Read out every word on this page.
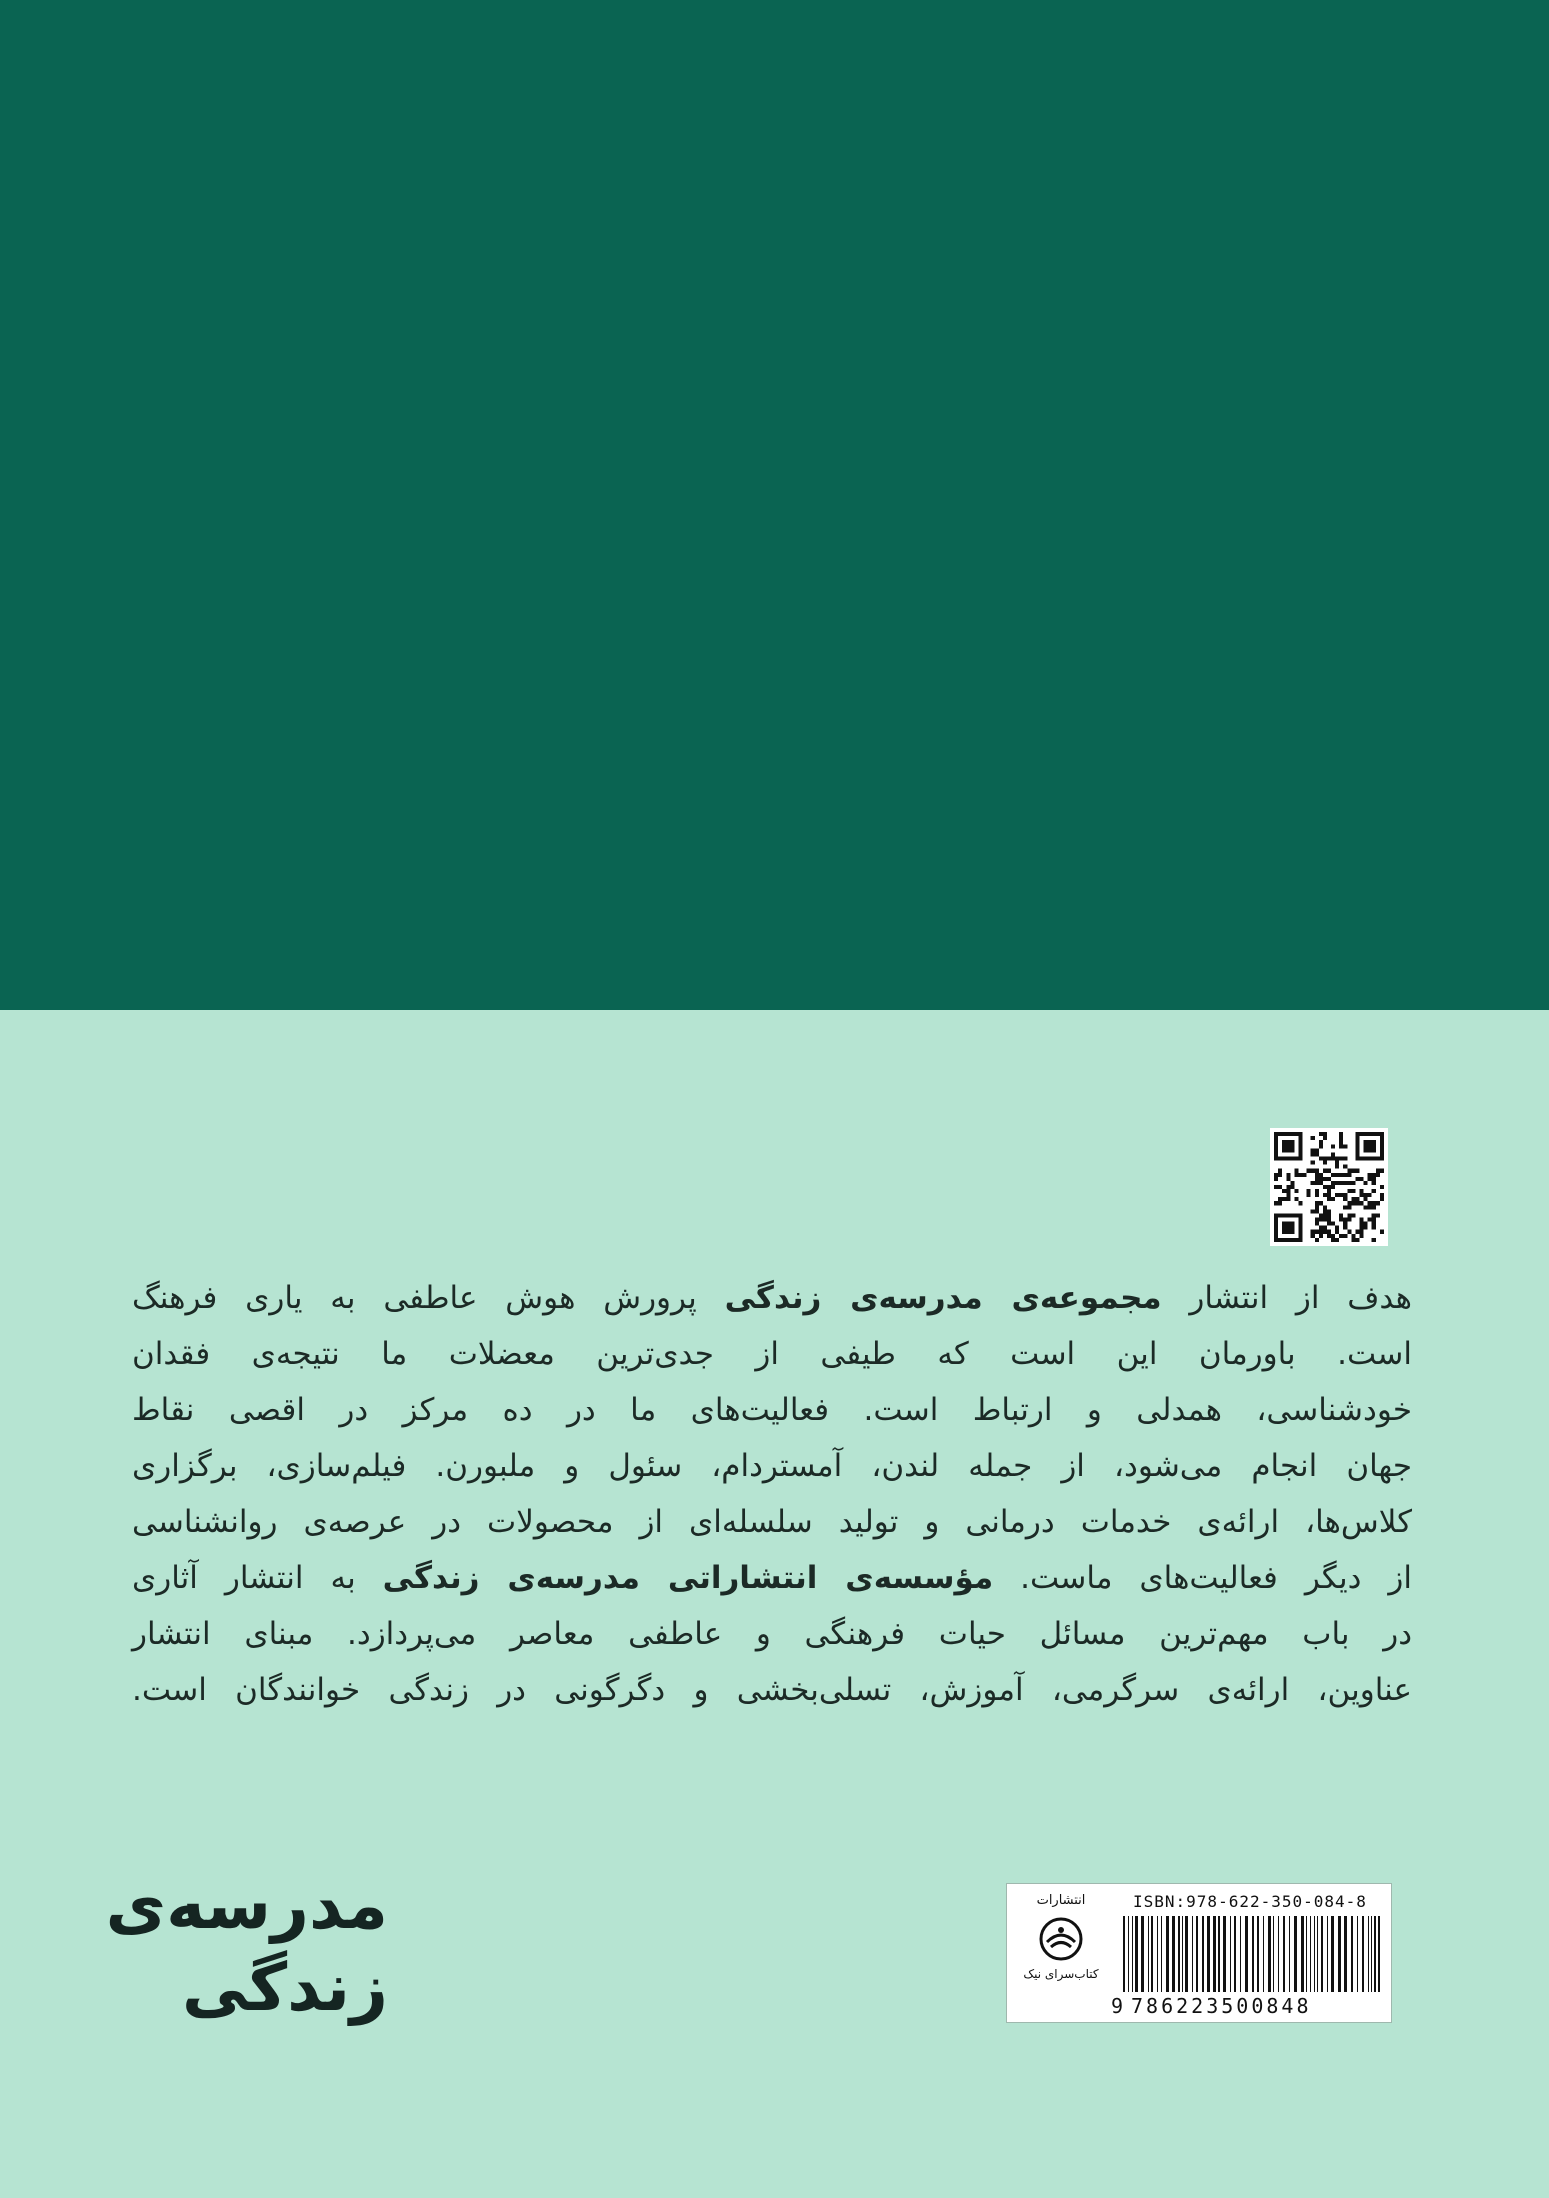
هدف از انتشار مجموعه‌ی مدرسه‌ی زندگی پرورش هوش عاطفی به یاری فرهنگ
است. باورمان این است که طیفی از جدی‌ترین معضلات ما نتیجه‌ی فقدان
خودشناسی، همدلی و ارتباط است. فعالیت‌های ما در ده مرکز در اقصی نقاط
جهان انجام می‌شود، از جمله لندن، آمستردام، سئول و ملبورن. فیلم‌سازی، برگزاری
کلاس‌ها، ارائه‌ی خدمات درمانی و تولید سلسله‌ای از محصولات در عرصه‌ی روانشناسی
از دیگر فعالیت‌های ماست. مؤسسه‌ی انتشاراتی مدرسه‌ی زندگی به انتشار آثاری
در باب مهم‌ترین مسائل حیات فرهنگی و عاطفی معاصر می‌پردازد. مبنای انتشار
عناوین، ارائه‌ی سرگرمی، آموزش، تسلی‌بخشی و دگرگونی در زندگی خوانندگان است.
مدرسه‌ی
زندگی
انتشارات
کتاب‌سرای نیک
ISBN:978-622-350-084-8
9 786223500848
